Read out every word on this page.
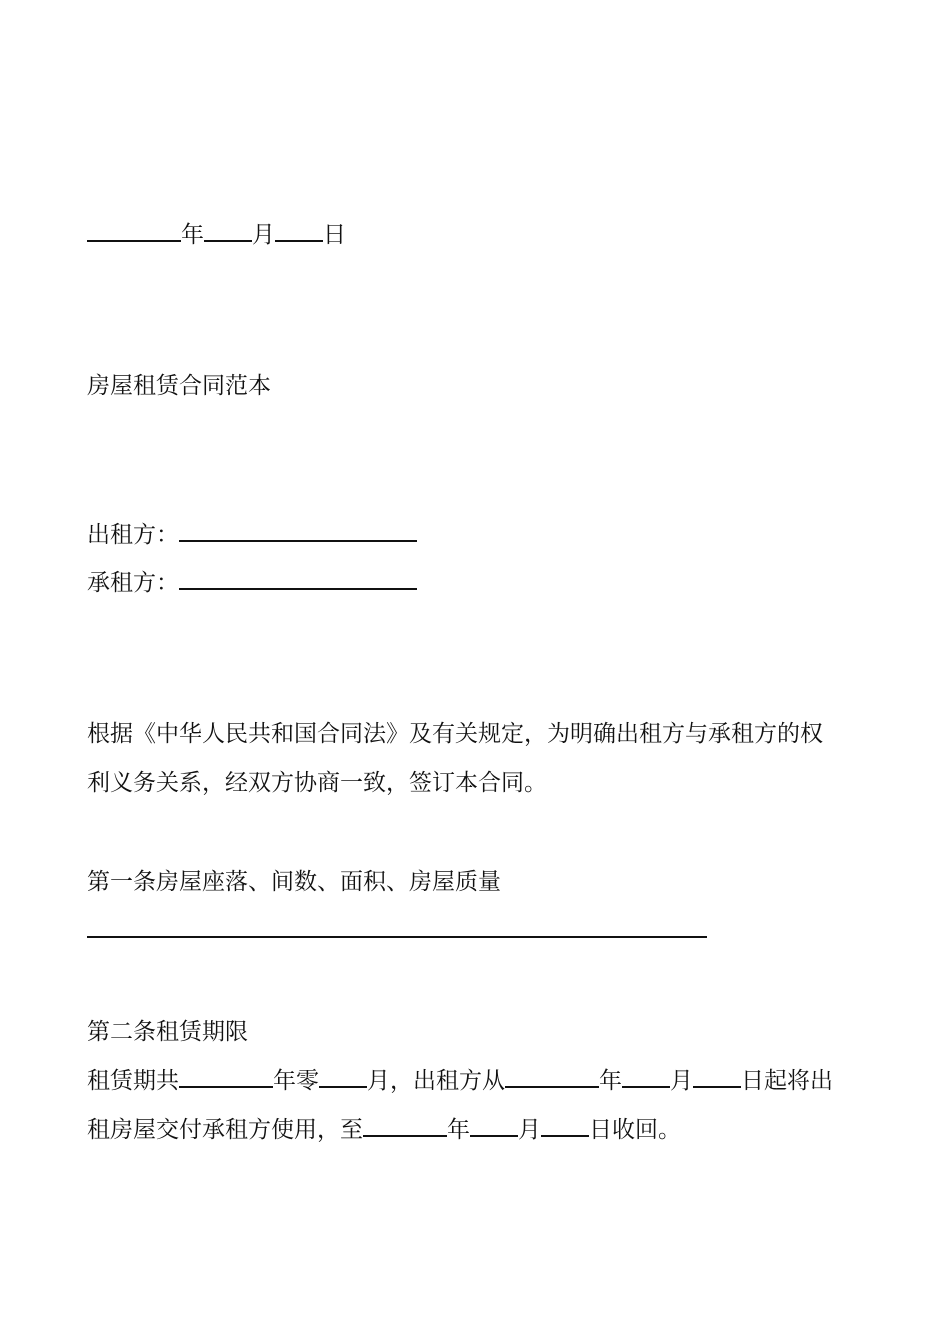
年 月 日
房屋租赁合同范本
出租方：
承租方：
根据《中华人民共和国合同法》及有关规定，为明确出租方与承租方的权
利义务关系，经双方协商一致，签订本合同。
第一条房屋座落、间数、面积、房屋质量
第二条租赁期限
租赁期共	年零 月，出租方从	年 月 日起将出
租房屋交付承租方使用，至	年 月 日收回。
